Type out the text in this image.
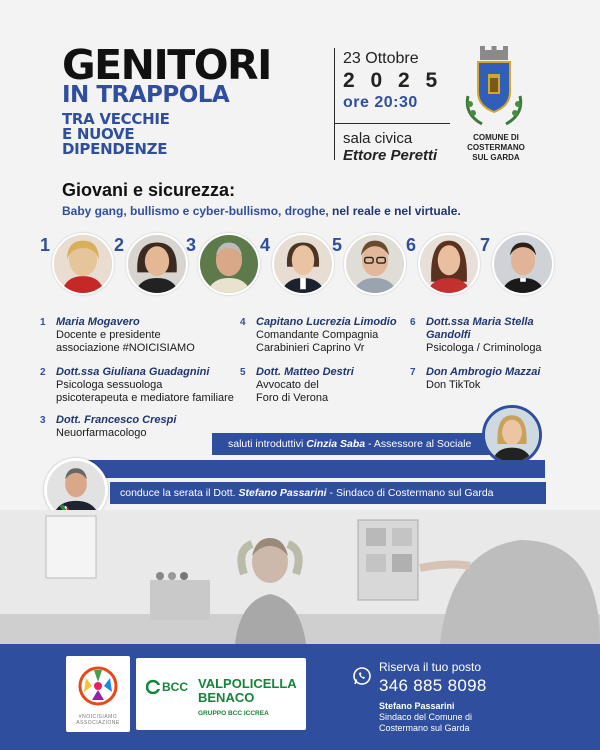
GENITORI
IN TRAPPOLA
TRA VECCHIE
E NUOVE
DIPENDENZE
23 Ottobre
2 0 2 5
ore 20:30
sala civica
Ettore Peretti
COMUNE DI
COSTERMANO
SUL GARDA
Giovani e sicurezza:
Baby gang, bullismo e cyber-bullismo, droghe, nel reale e nel virtuale.
1	2	3	4	5	6	7
1 Maria Mogavero
Docente e presidente
associazione #NOICISIAMO
2 Dott.ssa Giuliana Guadagnini
Psicologa sessuologa
psicoterapeuta e mediatore familiare
3 Dott. Francesco Crespi
Neuorfarmacologo
4 Capitano Lucrezia Limodio
Comandante Compagnia
Carabinieri Caprino Vr
5 Dott. Matteo Destri
Avvocato del
Foro di Verona
6 Dott.ssa Maria Stella
Gandolfi
Psicologa / Criminologa
7 Don Ambrogio Mazzai
Don TikTok
saluti introduttivi Cinzia Saba - Assessore al Sociale
conduce la serata il Dott. Stefano Passarini - Sindaco di Costermano sul Garda
#NOICISIAMO
ASSOCIAZIONE
BCC VALPOLICELLA
BENACO
GRUPPO BCC ICCREA
Riserva il tuo posto
346 885 8098
Stefano Passarini
Sindaco del Comune di
Costermano sul Garda
